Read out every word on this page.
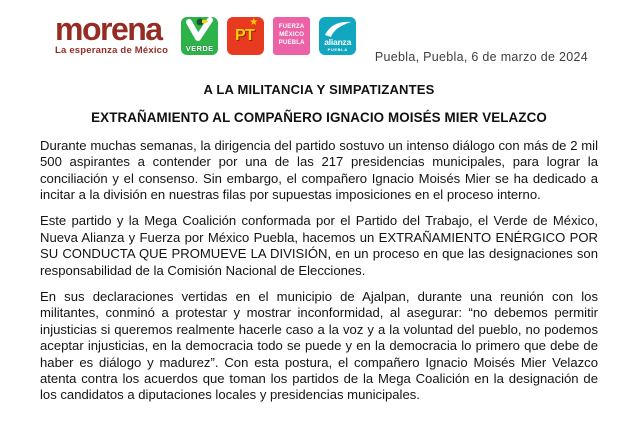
morena
La esperanza de México	VERDE
★
PT	FUERZA
MÉXICO
PUEBLA	alianza
PUEBLA
Puebla, Puebla, 6 de marzo de 2024
A LA MILITANCIA Y SIMPATIZANTES
EXTRAÑAMIENTO AL COMPAÑERO IGNACIO MOISÉS MIER VELAZCO

Durante muchas semanas, la dirigencia del partido sostuvo un intenso diálogo con más de 2 mil 500 aspirantes a contender por una de las 217 presidencias municipales, para lograr la conciliación y el consenso. Sin embargo, el compañero Ignacio Moisés Mier se ha dedicado a incitar a la división en nuestras filas por supuestas imposiciones en el proceso interno.

Este partido y la Mega Coalición conformada por el Partido del Trabajo, el Verde de México, Nueva Alianza y Fuerza por México Puebla, hacemos un EXTRAÑAMIENTO ENÉRGICO POR SU CONDUCTA QUE PROMUEVE LA DIVISIÓN, en un proceso en que las designaciones son responsabilidad de la Comisión Nacional de Elecciones.

En sus declaraciones vertidas en el municipio de Ajalpan, durante una reunión con los militantes, conminó a protestar y mostrar inconformidad, al asegurar: “no debemos permitir injusticias si queremos realmente hacerle caso a la voz y a la voluntad del pueblo, no podemos aceptar injusticias, en la democracia todo se puede y en la democracia lo primero que debe de haber es diálogo y madurez”. Con esta postura, el compañero Ignacio Moisés Mier Velazco atenta contra los acuerdos que toman los partidos de la Mega Coalición en la designación de los candidatos a diputaciones locales y presidencias municipales.
